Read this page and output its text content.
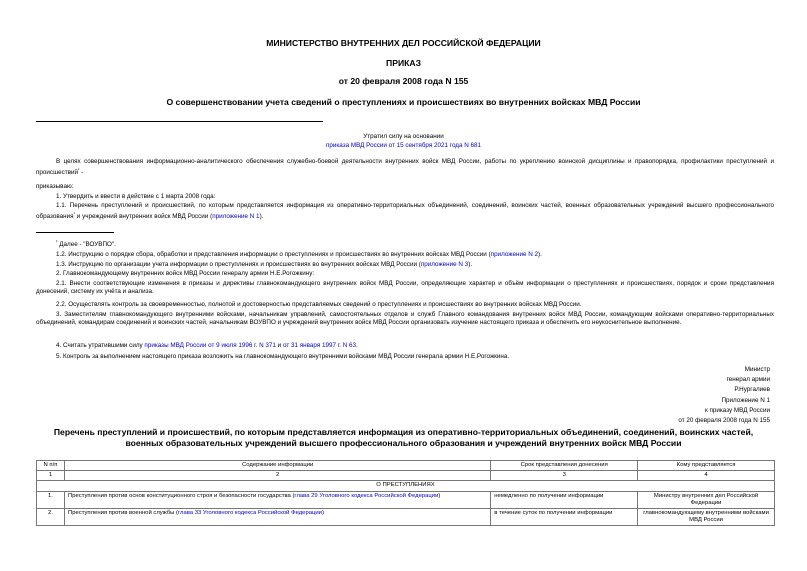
МИНИСТЕРСТВО ВНУТРЕННИХ ДЕЛ РОССИЙСКОЙ ФЕДЕРАЦИИ
ПРИКАЗ
от 20 февраля 2008 года N 155
О совершенствовании учета сведений о преступлениях и происшествиях во внутренних войсках МВД России
Утратил силу на основании
приказа МВД России от 15 сентября 2021 года N 681
В целях совершенствования информационно-аналитического обеспечения служебно-боевой деятельности внутренних войск МВД России, работы по укреплению воинской дисциплины и правопорядка, профилактики преступлений и происшествий$^{^1}$ -
приказываю:
1. Утвердить и ввести в действие с 1 марта 2008 года:
1.1. Перечень преступлений и происшествий, по которым представляется информация из оперативно-территориальных объединений, соединений, воинских частей, военных образовательных учреждений высшего профессионального образования$^{^1}$ и учреждений внутренних войск МВД России (приложение N 1).
$^{^1}$ Далее - "ВОУВПО".
1.2. Инструкцию о порядке сбора, обработки и представления информации о преступлениях и происшествиях во внутренних войсках МВД России (приложение N 2).
1.3. Инструкцию по организации учета информации о преступлениях и происшествиях во внутренних войсках МВД России (приложение N 3).
2. Главнокомандующему внутренних войск МВД России генералу армии Н.Е.Рогожкину:
2.1. Внести соответствующие изменения в приказы и директивы главнокомандующего внутренних войск МВД России, определяющие характер и объём информации о преступлениях и происшествиях, порядок и сроки представления донесений, систему их учёта и анализа.
2.2. Осуществлять контроль за своевременностью, полнотой и достоверностью представляемых сведений о преступлениях и происшествиях во внутренних войсках МВД России.
3. Заместителям главнокомандующего внутренними войсками, начальникам управлений, самостоятельных отделов и служб Главного командования внутренних войск МВД России, командующим войсками оперативно-территориальных объединений, командирам соединений и воинских частей, начальникам ВОУВПО и учреждений внутренних войск МВД России организовать изучение настоящего приказа и обеспечить его неукоснительное выполнение.
4. Считать утратившими силу приказы МВД России от 9 июля 1996 г. N 371 и от 31 января 1997 г. N 63.
5. Контроль за выполнением настоящего приказа возложить на главнокомандующего внутренними войсками МВД России генерала армии Н.Е.Рогожкина.
Министр
генерал армии
Р.Нургалиев
Приложение N 1
к приказу МВД России
от 20 февраля 2008 года N 155
Перечень преступлений и происшествий, по которым представляется информация из оперативно-территориальных объединений, соединений, воинских частей,
военных образовательных учреждений высшего профессионального образования и учреждений внутренних войск МВД России
N п/п	Содержание информации	Срок представления донесения	Кому представляется
1	2	3	4
О ПРЕСТУПЛЕНИЯХ			
1.	Преступления против основ конституционного строя и безопасности государства (глава 29 Уголовного кодекса Российской Федерации)	немедленно по получении информации	Министру внутренних дел Российской Федерации
2.	Преступления против военной службы (глава 33 Уголовного кодекса Российской Федерации)	в течение суток по получении информации	главнокомандующему внутренними войсками МВД России
